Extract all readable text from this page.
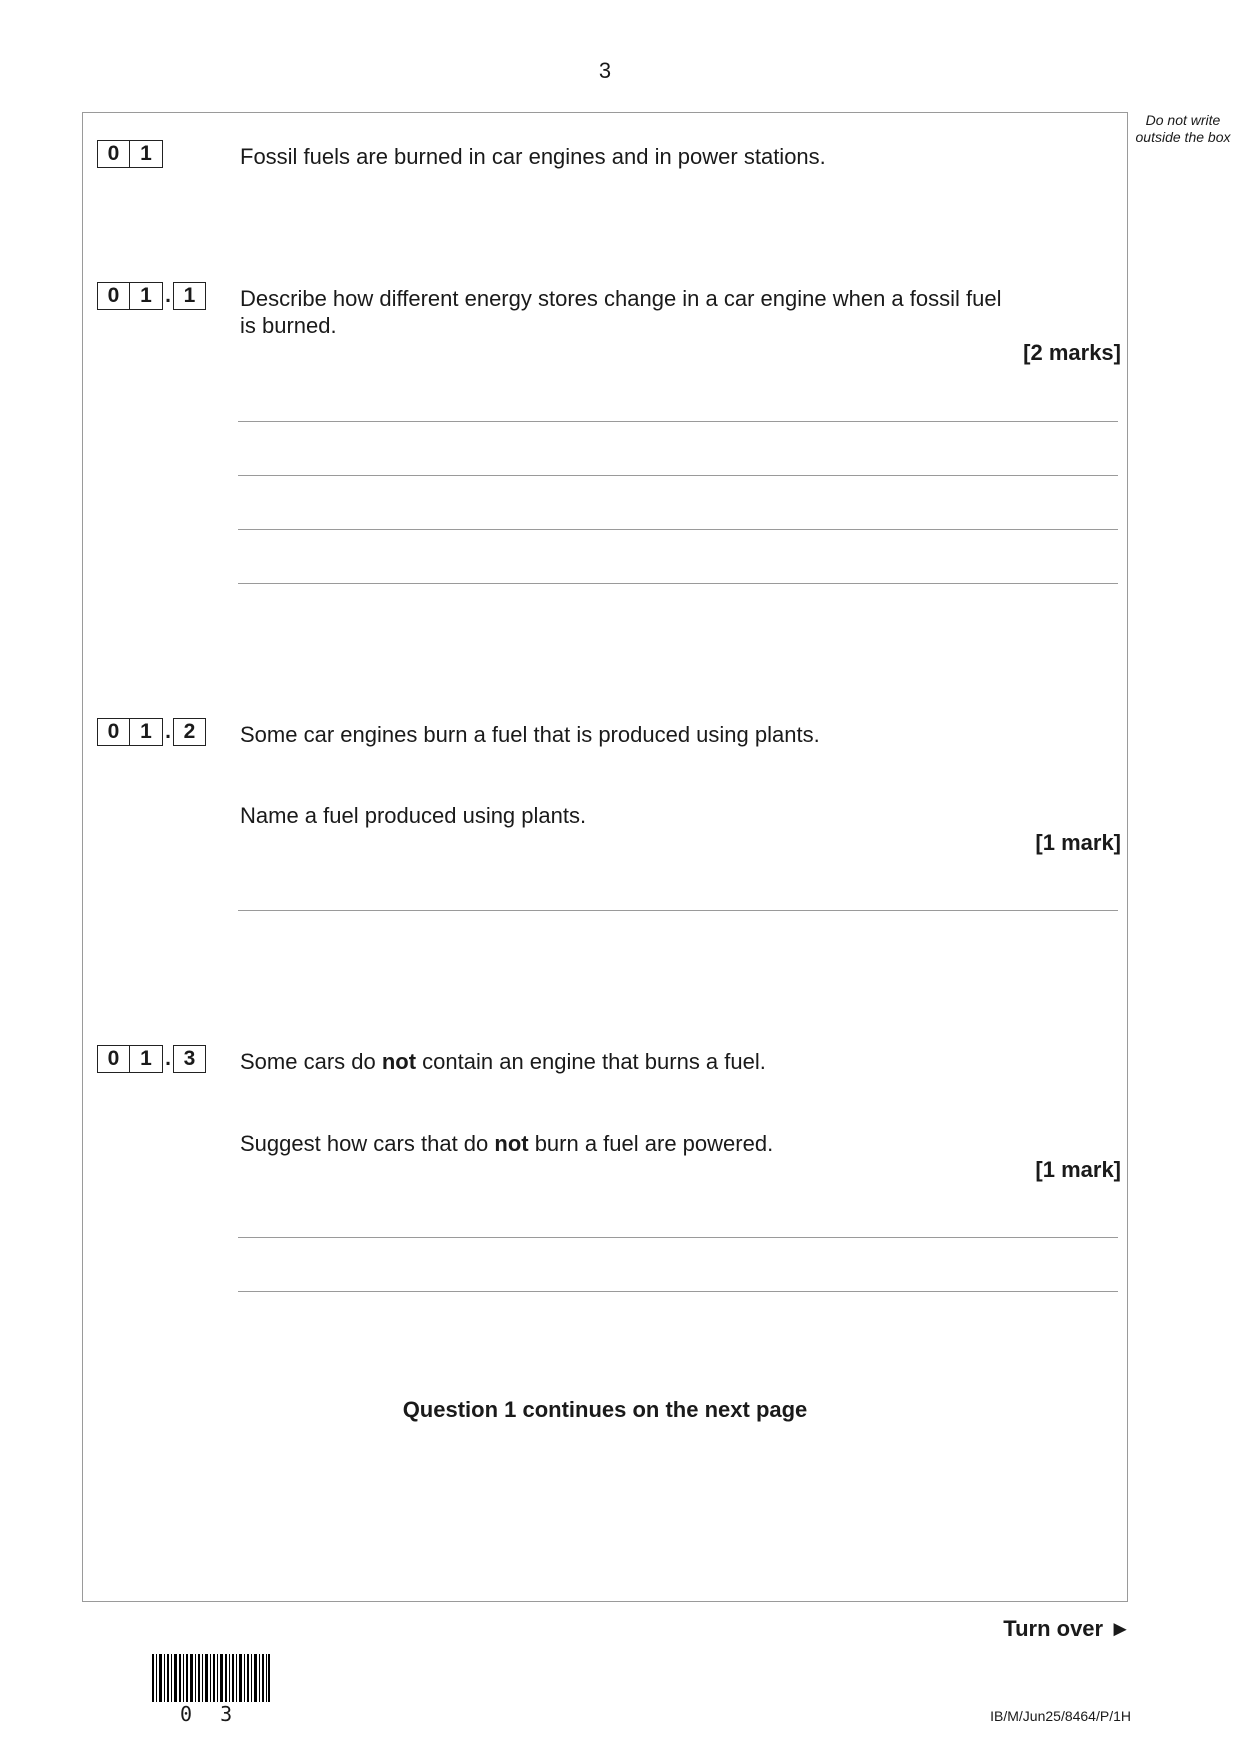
3
Do not write outside the box
0 1	Fossil fuels are burned in car engines and in power stations.
0 1 . 1	Describe how different energy stores change in a car engine when a fossil fuel
is burned.
[2 marks]
0 1 . 2	Some car engines burn a fuel that is produced using plants.
Name a fuel produced using plants.
[1 mark]
0 1 . 3	Some cars do not contain an engine that burns a fuel.
Suggest how cars that do not burn a fuel are powered.
[1 mark]
Question 1 continues on the next page
Turn over ►
0 3	IB/M/Jun25/8464/P/1H
